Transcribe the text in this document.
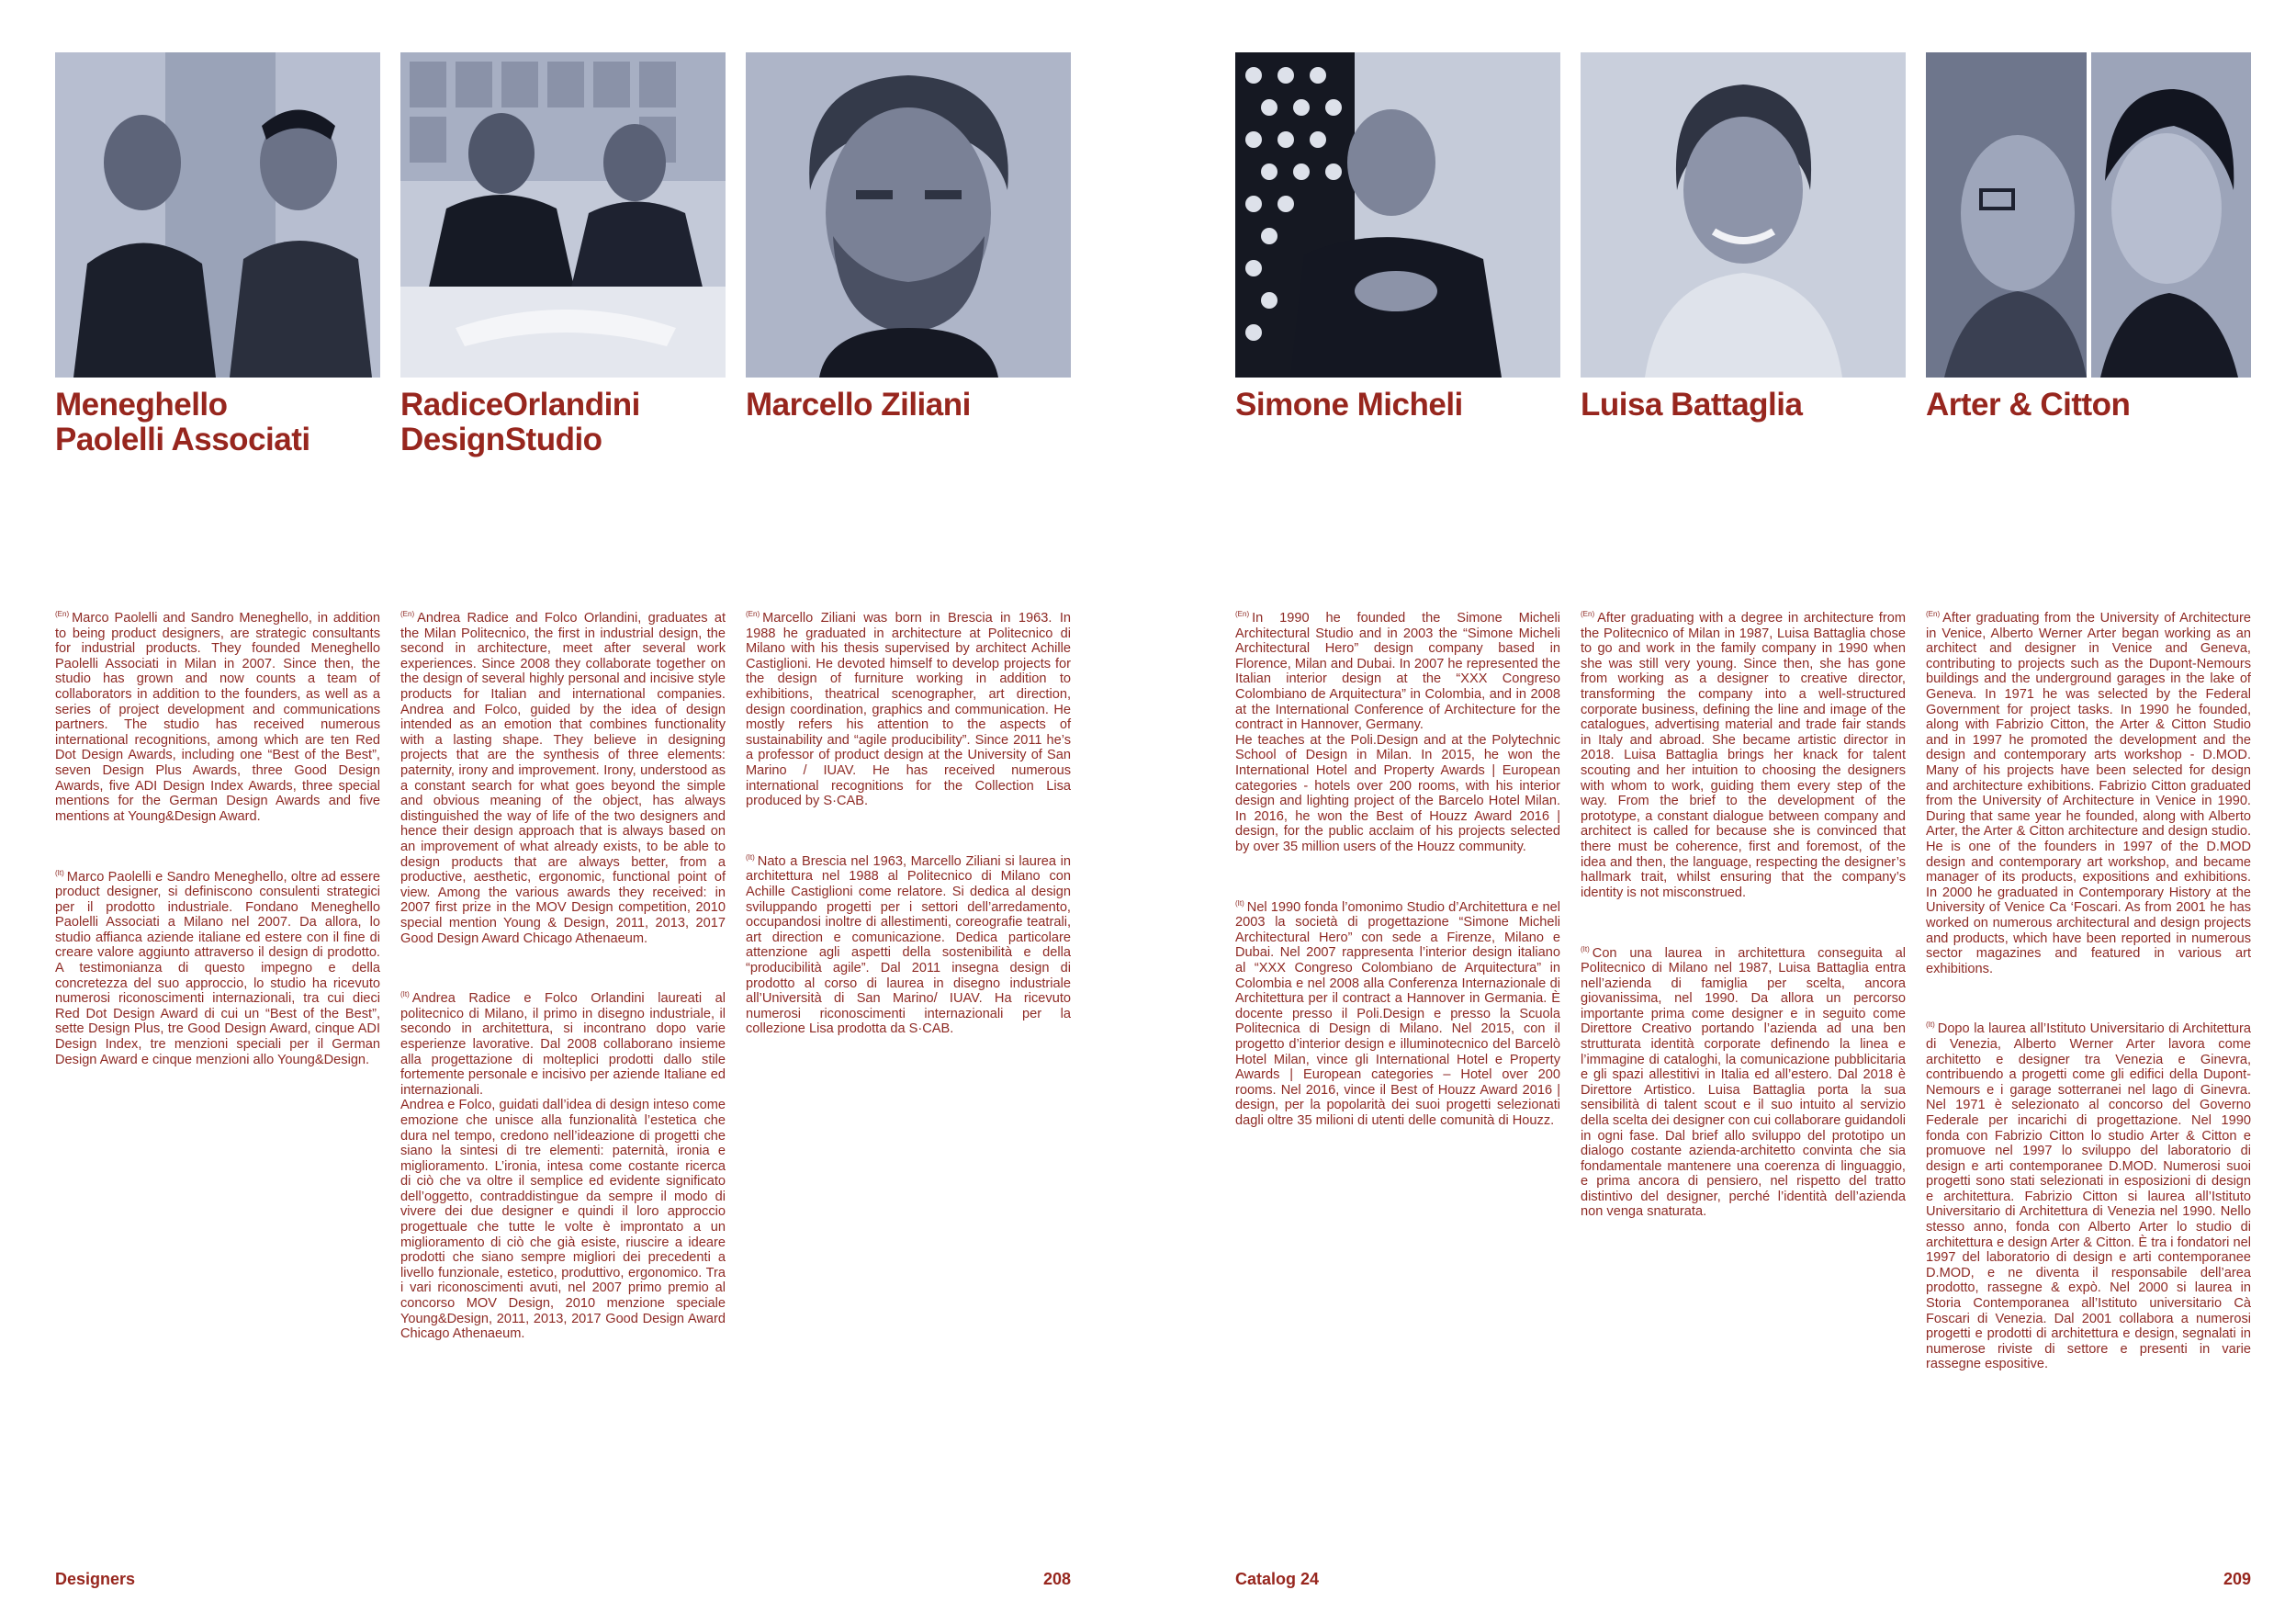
Meneghello
Paolelli Associati

$^{(En)}$ Marco Paolelli and Sandro Meneghello, in addition to being product designers, are strategic consultants for industrial products. They founded Meneghello Paolelli Associati in Milan in 2007. Since then, the studio has grown and now counts a team of collaborators in addition to the founders, as well as a series of project development and communications partners. The studio has received numerous international recognitions, among which are ten Red Dot Design Awards, including one “Best of the Best”, seven Design Plus Awards, three Good Design Awards, five ADI Design Index Awards, three special mentions for the German Design Awards and five mentions at Young&Design Award.

$^{(It)}$ Marco Paolelli e Sandro Meneghello, oltre ad essere product designer, si definiscono consulenti strategici per il prodotto industriale. Fondano Meneghello Paolelli Associati a Milano nel 2007. Da allora, lo studio affianca aziende italiane ed estere con il fine di creare valore aggiunto attraverso il design di prodotto. A testimonianza di questo impegno e della concretezza del suo approccio, lo studio ha ricevuto numerosi riconoscimenti internazionali, tra cui dieci Red Dot Design Award di cui un “Best of the Best”, sette Design Plus, tre Good Design Award, cinque ADI Design Index, tre menzioni speciali per il German Design Award e cinque menzioni allo Young&Design.

RadiceOrlandini
DesignStudio

$^{(En)}$ Andrea Radice and Folco Orlandini, graduates at the Milan Politecnico, the first in industrial design, the second in architecture, meet after several work experiences. Since 2008 they collaborate together on the design of several highly personal and incisive style products for Italian and international companies. Andrea and Folco, guided by the idea of design intended as an emotion that combines functionality with a lasting shape. They believe in designing projects that are the synthesis of three elements: paternity, irony and improvement. Irony, understood as a constant search for what goes beyond the simple and obvious meaning of the object, has always distinguished the way of life of the two designers and hence their design approach that is always based on an improvement of what already exists, to be able to design products that are always better, from a productive, aesthetic, ergonomic, functional point of view. Among the various awards they received: in 2007 first prize in the MOV Design competition, 2010 special mention Young & Design, 2011, 2013, 2017 Good Design Award Chicago Athenaeum.

$^{(It)}$ Andrea Radice e Folco Orlandini laureati al politecnico di Milano, il primo in disegno industriale, il secondo in architettura, si incontrano dopo varie esperienze lavorative. Dal 2008 collaborano insieme alla progettazione di molteplici prodotti dallo stile fortemente personale e incisivo per aziende Italiane ed internazionali.
Andrea e Folco, guidati dall’idea di design inteso come emozione che unisce alla funzionalità l’estetica che dura nel tempo, credono nell’ideazione di progetti che siano la sintesi di tre elementi: paternità, ironia e miglioramento. L’ironia, intesa come costante ricerca di ciò che va oltre il semplice ed evidente significato dell’oggetto, contraddistingue da sempre il modo di vivere dei due designer e quindi il loro approccio progettuale che tutte le volte è improntato a un miglioramento di ciò che già esiste, riuscire a ideare prodotti che siano sempre migliori dei precedenti a livello funzionale, estetico, produttivo, ergonomico. Tra i vari riconoscimenti avuti, nel 2007 primo premio al concorso MOV Design, 2010 menzione speciale Young&Design, 2011, 2013, 2017 Good Design Award Chicago Athenaeum.

Marcello Ziliani

$^{(En)}$ Marcello Ziliani was born in Brescia in 1963. In 1988 he graduated in architecture at Politecnico di Milano with his thesis supervised by architect Achille Castiglioni. He devoted himself to develop projects for the design of furniture working in addition to exhibitions, theatrical scenographer, art direction, design coordination, graphics and communication. He mostly refers his attention to the aspects of sustainability and “agile producibility”. Since 2011 he’s a professor of product design at the University of San Marino / IUAV. He has received numerous international recognitions for the Collection Lisa produced by S·CAB.

$^{(It)}$ Nato a Brescia nel 1963, Marcello Ziliani si laurea in architettura nel 1988 al Politecnico di Milano con Achille Castiglioni come relatore. Si dedica al design sviluppando progetti per i settori dell’arredamento, occupandosi inoltre di allestimenti, coreografie teatrali, art direction e comunicazione. Dedica particolare attenzione agli aspetti della sostenibilità e della “producibilità agile”. Dal 2011 insegna design di prodotto al corso di laurea in disegno industriale all’Università di San Marino/ IUAV. Ha ricevuto numerosi riconoscimenti internazionali per la collezione Lisa prodotta da S·CAB.

Simone Micheli

$^{(En)}$ In 1990 he founded the Simone Micheli Architectural Studio and in 2003 the “Simone Micheli Architectural Hero” design company based in Florence, Milan and Dubai. In 2007 he represented the Italian interior design at the “XXX Congreso Colombiano de Arquitectura” in Colombia, and in 2008 at the International Conference of Architecture for the contract in Hannover, Germany.
He teaches at the Poli.Design and at the Polytechnic School of Design in Milan. In 2015, he won the International Hotel and Property Awards | European categories - hotels over 200 rooms, with his interior design and lighting project of the Barcelo Hotel Milan. In 2016, he won the Best of Houzz Award 2016 | design, for the public acclaim of his projects selected by over 35 million users of the Houzz community.

$^{(It)}$ Nel 1990 fonda l’omonimo Studio d’Architettura e nel 2003 la società di progettazione “Simone Micheli Architectural Hero” con sede a Firenze, Milano e Dubai. Nel 2007 rappresenta l’interior design italiano al “XXX Congreso Colombiano de Arquitectura” in Colombia e nel 2008 alla Conferenza Internazionale di Architettura per il contract a Hannover in Germania. È docente presso il Poli.Design e presso la Scuola Politecnica di Design di Milano. Nel 2015, con il progetto d’interior design e illuminotecnico del Barcelò Hotel Milan, vince gli International Hotel e Property Awards | European categories – Hotel over 200 rooms. Nel 2016, vince il Best of Houzz Award 2016 | design, per la popolarità dei suoi progetti selezionati dagli oltre 35 milioni di utenti delle comunità di Houzz.

Luisa Battaglia

$^{(En)}$ After graduating with a degree in architecture from the Politecnico of Milan in 1987, Luisa Battaglia chose to go and work in the family company in 1990 when she was still very young. Since then, she has gone from working as a designer to creative director, transforming the company into a well-structured corporate business, defining the line and image of the catalogues, advertising material and trade fair stands in Italy and abroad. She became artistic director in 2018. Luisa Battaglia brings her knack for talent scouting and her intuition to choosing the designers with whom to work, guiding them every step of the way. From the brief to the development of the prototype, a constant dialogue between company and architect is called for because she is convinced that there must be coherence, first and foremost, of the idea and then, the language, respecting the designer’s hallmark trait, whilst ensuring that the company’s identity is not misconstrued.

$^{(It)}$ Con una laurea in architettura conseguita al Politecnico di Milano nel 1987, Luisa Battaglia entra nell’azienda di famiglia per scelta, ancora giovanissima, nel 1990. Da allora un percorso importante prima come designer e in seguito come Direttore Creativo portando l’azienda ad una ben strutturata identità corporate definendo la linea e l’immagine di cataloghi, la comunicazione pubblicitaria e gli spazi allestitivi in Italia ed all’estero. Dal 2018 è Direttore Artistico. Luisa Battaglia porta la sua sensibilità di talent scout e il suo intuito al servizio della scelta dei designer con cui collaborare guidandoli in ogni fase. Dal brief allo sviluppo del prototipo un dialogo costante azienda-architetto convinta che sia fondamentale mantenere una coerenza di linguaggio, e prima ancora di pensiero, nel rispetto del tratto distintivo del designer, perché l’identità dell’azienda non venga snaturata.

Arter & Citton

$^{(En)}$ After graduating from the University of Architecture in Venice, Alberto Werner Arter began working as an architect and designer in Venice and Geneva, contributing to projects such as the Dupont-Nemours buildings and the underground garages in the lake of Geneva. In 1971 he was selected by the Federal Government for project tasks. In 1990 he founded, along with Fabrizio Citton, the Arter & Citton Studio and in 1997 he promoted the development and the design and contemporary arts workshop - D.MOD. Many of his projects have been selected for design and architecture exhibitions. Fabrizio Citton graduated from the University of Architecture in Venice in 1990. During that same year he founded, along with Alberto Arter, the Arter & Citton architecture and design studio. He is one of the founders in 1997 of the D.MOD design and contemporary art workshop, and became manager of its products, expositions and exhibitions. In 2000 he graduated in Contemporary History at the University of Venice Ca ‘Foscari. As from 2001 he has worked on numerous architectural and design projects and products, which have been reported in numerous sector magazines and featured in various art exhibitions.

$^{(It)}$ Dopo la laurea all’Istituto Universitario di Architettura di Venezia, Alberto Werner Arter lavora come architetto e designer tra Venezia e Ginevra, contribuendo a progetti come gli edifici della Dupont-Nemours e i garage sotterranei nel lago di Ginevra. Nel 1971 è selezionato al concorso del Governo Federale per incarichi di progettazione. Nel 1990 fonda con Fabrizio Citton lo studio Arter & Citton e promuove nel 1997 lo sviluppo del laboratorio di design e arti contemporanee D.MOD. Numerosi suoi progetti sono stati selezionati in esposizioni di design e architettura. Fabrizio Citton si laurea all’Istituto Universitario di Architettura di Venezia nel 1990. Nello stesso anno, fonda con Alberto Arter lo studio di architettura e design Arter & Citton. È tra i fondatori nel 1997 del laboratorio di design e arti contemporanee D.MOD, e ne diventa il responsabile dell’area prodotto, rassegne & expò. Nel 2000 si laurea in Storia Contemporanea all’Istituto universitario Cà Foscari di Venezia. Dal 2001 collabora a numerosi progetti e prodotti di architettura e design, segnalati in numerose riviste di settore e presenti in varie rassegne espositive.

Designers	208	Catalog 24	209
